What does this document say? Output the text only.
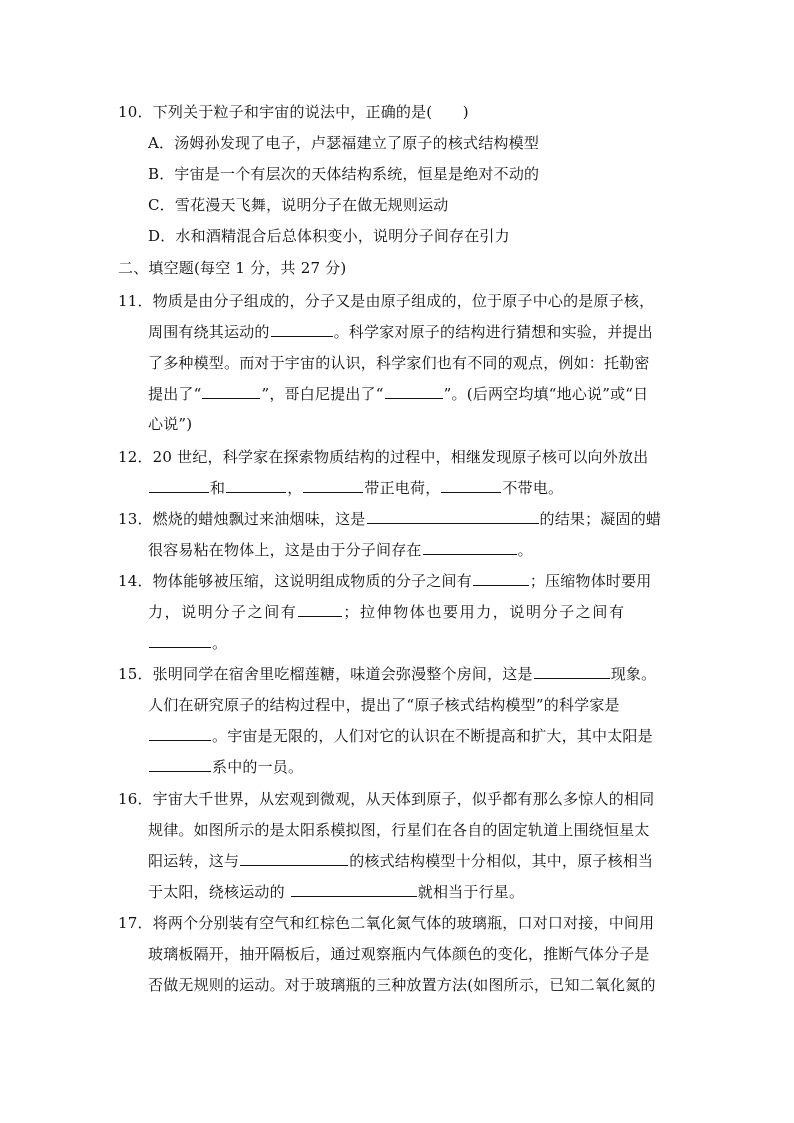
10．下列关于粒子和宇宙的说法中，正确的是(　　)
A．汤姆孙发现了电子，卢瑟福建立了原子的核式结构模型
B．宇宙是一个有层次的天体结构系统，恒星是绝对不动的
C．雪花漫天飞舞，说明分子在做无规则运动
D．水和酒精混合后总体积变小，说明分子间存在引力
二、填空题(每空 1 分，共 27 分)
11．物质是由分子组成的，分子又是由原子组成的，位于原子中心的是原子核，
周围有绕其运动的	。科学家对原子的结构进行猜想和实验，并提出
了多种模型。而对于宇宙的认识，科学家们也有不同的观点，例如：托勒密
提出了“	”，哥白尼提出了“	”。(后两空均填“地心说”或“日
心说”)
12．20 世纪，科学家在探索物质结构的过程中，相继发现原子核可以向外放出
和	，	带正电荷，	不带电。
13．燃烧的蜡烛飘过来油烟味，这是	的结果；凝固的蜡
很容易粘在物体上，这是由于分子间存在	。
14．物体能够被压缩，这说明组成物质的分子之间有	；压缩物体时要用
力，说明分子之间有	；拉伸物体也要用力，说明分子之间有
。
15．张明同学在宿舍里吃榴莲糖，味道会弥漫整个房间，这是	现象。
人们在研究原子的结构过程中，提出了“原子核式结构模型”的科学家是
。宇宙是无限的，人们对它的认识在不断提高和扩大，其中太阳是
系中的一员。
16．宇宙大千世界，从宏观到微观，从天体到原子，似乎都有那么多惊人的相同
规律。如图所示的是太阳系模拟图，行星们在各自的固定轨道上围绕恒星太
阳运转，这与	的核式结构模型十分相似，其中，原子核相当
于太阳，绕核运动的	就相当于行星。
17．将两个分别装有空气和红棕色二氧化氮气体的玻璃瓶，口对口对接，中间用
玻璃板隔开，抽开隔板后，通过观察瓶内气体颜色的变化，推断气体分子是
否做无规则的运动。对于玻璃瓶的三种放置方法(如图所示，已知二氧化氮的
